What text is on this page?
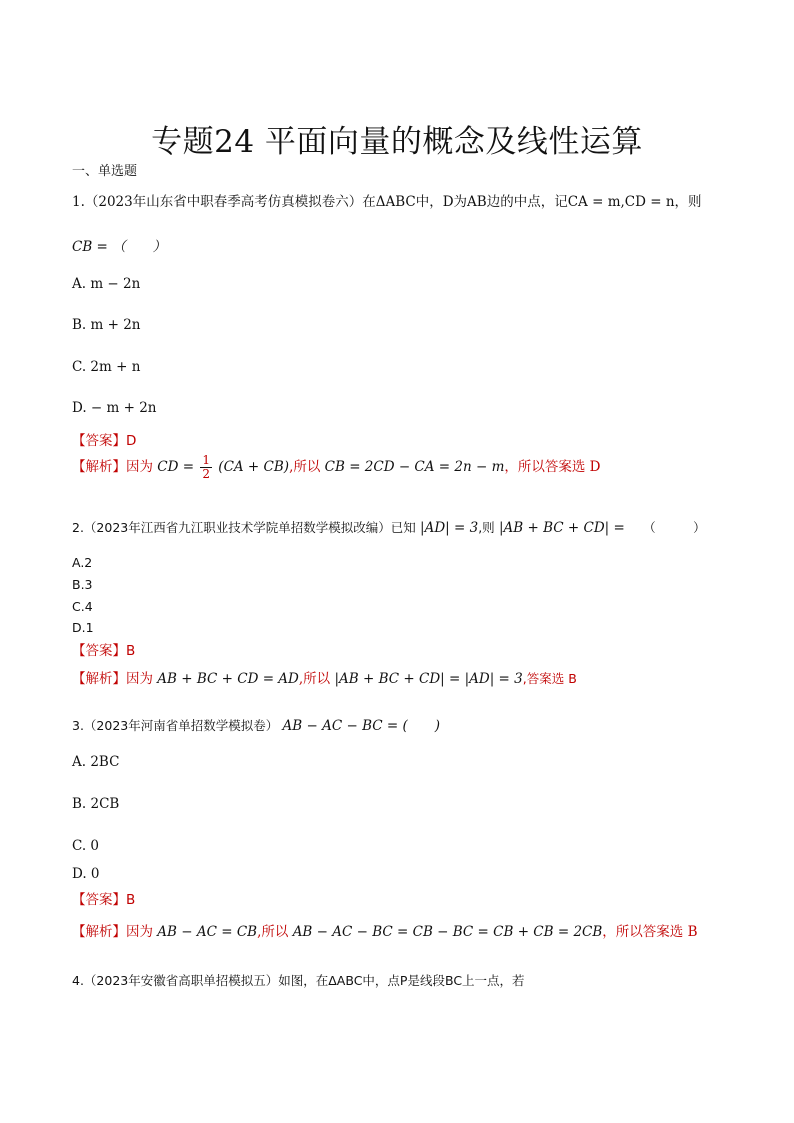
专题24 平面向量的概念及线性运算
一、单选题
1.（2023年山东省中职春季高考仿真模拟卷六）在ΔABC中，D为AB边的中点，记CA = m,CD = n，则
CB = （　　）
A. m − 2n
B. m + 2n
C. 2m + n
D. − m + 2n
【答案】D
【解析】因为 CD = $\frac{1}{2} (CA + CB)$,所以 CB = 2CD − CA = 2n − m，所以答案选 D
2.（2023年江西省九江职业技术学院单招数学模拟改编）已知 |AD| = 3,则 |AB + BC + CD| = （　　　）
A.2
B.3
C.4
D.1
【答案】B
【解析】因为 AB + BC + CD = AD,所以 |AB + BC + CD| = |AD| = 3,答案选 B
3.（2023年河南省单招数学模拟卷） AB − AC − BC = (　　)
A. 2BC
B. 2CB
C. 0
D. 0
【答案】B
【解析】因为 AB − AC = CB,所以 AB − AC − BC = CB − BC = CB + CB = 2CB，所以答案选 B
4.（2023年安徽省高职单招模拟五）如图，在ΔABC中，点P是线段BC上一点，若
